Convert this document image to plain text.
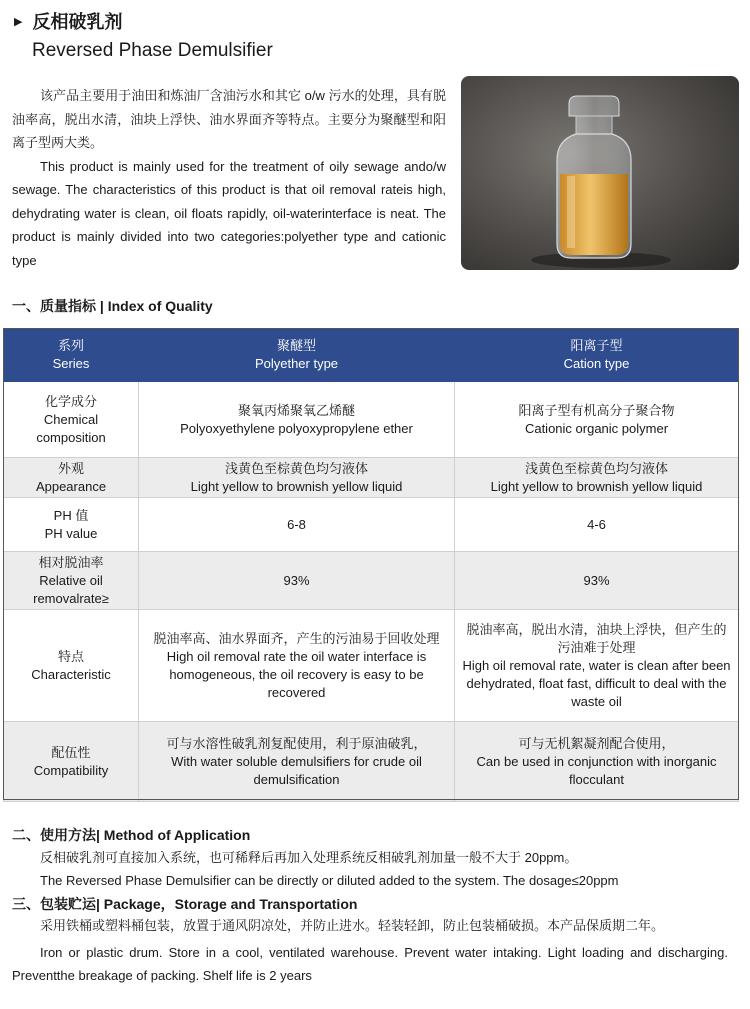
▶ 反相破乳剂
Reversed Phase Demulsifier

该产品主要用于油田和炼油厂含油污水和其它 o/w 污水的处理，具有脱油率高，脱出水清，油块上浮快、油水界面齐等特点。主要分为聚醚型和阳离子型两大类。

This product is mainly used for the treatment of oily sewage ando/w sewage. The characteristics of this product is that oil removal rateis high, dehydrating water is clean, oil floats rapidly, oil-waterinterface is neat. The product is mainly divided into two categories:polyether type and cationic type

一、质量指标 | Index of Quality
系列
Series	聚醚型
Polyether type	阳离子型
Cation type
化学成分
Chemical composition	聚氧丙烯聚氧乙烯醚
Polyoxyethylene polyoxypropylene ether	阳离子型有机高分子聚合物
Cationic organic polymer
外观
Appearance	浅黄色至棕黄色均匀液体
Light yellow to brownish yellow liquid	浅黄色至棕黄色均匀液体
Light yellow to brownish yellow liquid
PH 值
PH value	6-8	4-6
相对脱油率
Relative oil removalrate≥	93%	93%
特点
Characteristic	脱油率高、油水界面齐，产生的污油易于回收处理
High oil removal rate the oil water interface is homogeneous, the oil recovery is easy to be recovered	脱油率高，脱出水清，油块上浮快，但产生的污油难于处理
High oil removal rate, water is clean after been dehydrated, float fast, difficult to deal with the waste oil
配伍性
Compatibility	可与水溶性破乳剂复配使用，利于原油破乳，
With water soluble demulsifiers for crude oil demulsification	可与无机絮凝剂配合使用，
Can be used in conjunction with inorganic flocculant
二、使用方法| Method of Application
反相破乳剂可直接加入系统，也可稀释后再加入处理系统反相破乳剂加量一般不大于 20ppm。
The Reversed Phase Demulsifier can be directly or diluted added to the system. The dosage≤20ppm
三、包装贮运| Package，Storage and Transportation
采用铁桶或塑料桶包装，放置于通风阴凉处，并防止进水。轻装轻卸，防止包装桶破损。本产品保质期二年。
Iron or plastic drum. Store in a cool, ventilated warehouse. Prevent water intaking. Light loading and discharging. Preventthe breakage of packing. Shelf life is 2 years
